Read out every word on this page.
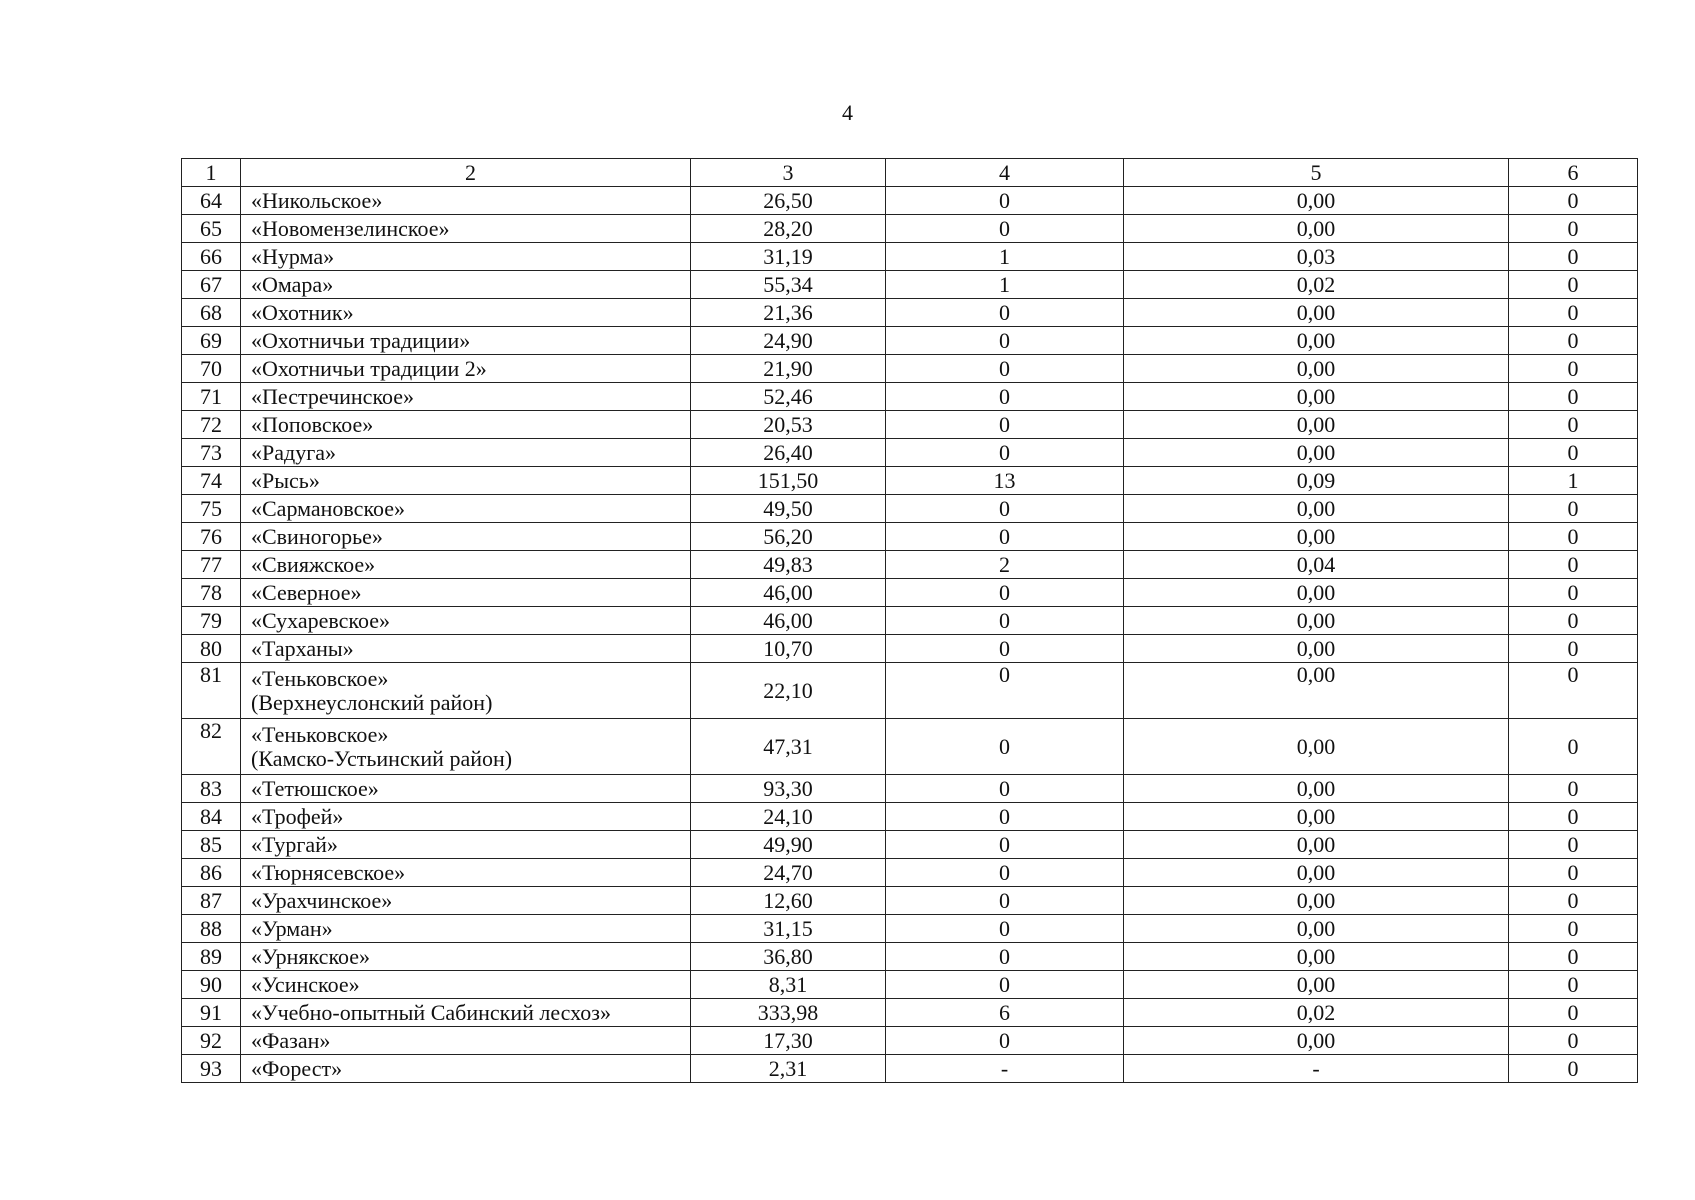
4
1	2	3	4	5	6
64	«Никольское»	26,50	0	0,00	0
65	«Новомензелинское»	28,20	0	0,00	0
66	«Нурма»	31,19	1	0,03	0
67	«Омара»	55,34	1	0,02	0
68	«Охотник»	21,36	0	0,00	0
69	«Охотничьи традиции»	24,90	0	0,00	0
70	«Охотничьи традиции 2»	21,90	0	0,00	0
71	«Пестречинское»	52,46	0	0,00	0
72	«Поповское»	20,53	0	0,00	0
73	«Радуга»	26,40	0	0,00	0
74	«Рысь»	151,50	13	0,09	1
75	«Сармановское»	49,50	0	0,00	0
76	«Свиногорье»	56,20	0	0,00	0
77	«Свияжское»	49,83	2	0,04	0
78	«Северное»	46,00	0	0,00	0
79	«Сухаревское»	46,00	0	0,00	0
80	«Тарханы»	10,70	0	0,00	0
81	«Теньковское»
(Верхнеуслонский район)	22,10	0	0,00	0
82	«Теньковское»
(Камско-Устьинский район)	47,31	0	0,00	0
83	«Тетюшское»	93,30	0	0,00	0
84	«Трофей»	24,10	0	0,00	0
85	«Тургай»	49,90	0	0,00	0
86	«Тюрнясевское»	24,70	0	0,00	0
87	«Урахчинское»	12,60	0	0,00	0
88	«Урман»	31,15	0	0,00	0
89	«Урнякское»	36,80	0	0,00	0
90	«Усинское»	8,31	0	0,00	0
91	«Учебно-опытный Сабинский лесхоз»	333,98	6	0,02	0
92	«Фазан»	17,30	0	0,00	0
93	«Форест»	2,31	-	-	0
